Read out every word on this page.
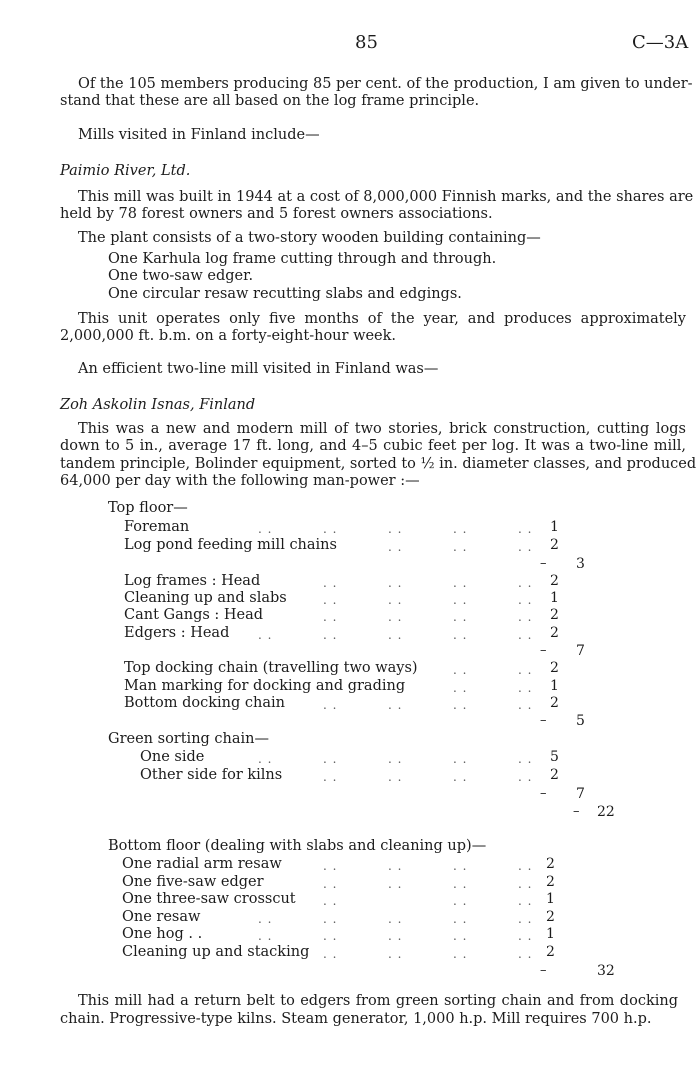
85	C—3A
Of the 105 members producing 85 per cent. of the production, I am given to under-
stand that these are all based on the log frame principle.
Mills visited in Finland include—
Paimio River, Ltd.
This mill was built in 1944 at a cost of 8,000,000 Finnish marks, and the shares are
held by 78 forest owners and 5 forest owners associations.
The plant consists of a two-story wooden building containing—
One Karhula log frame cutting through and through.
One two-saw edger.
One circular resaw recutting slabs and edgings.
This unit operates only five months of the year, and produces approximately
2,000,000 ft. b.m. on a forty-eight-hour week.
An efficient two-line mill visited in Finland was—
Zoh Askolin Isnas, Finland
This was a new and modern mill of two stories, brick construction, cutting logs
down to 5 in., average 17 ft. long, and 4–5 cubic feet per log. It was a two-line mill,
tandem principle, Bolinder equipment, sorted to ½ in. diameter classes, and produced
64,000 per day with the following man-power :—
Top floor—
Foreman	. .	. .	. .	. .	. . 1
Log pond feeding mill chains	. .	. .	. . 2
– 3
Log frames : Head	. .	. .	. .	. . 2
Cleaning up and slabs	. .	. .	. .	. . 1
Cant Gangs : Head	. .	. .	. .	. . 2
Edgers : Head . .	. .	. .	. .	. . 2
– 7
Top docking chain (travelling two ways)	. .	. . 2
Man marking for docking and grading	. .	. . 1
Bottom docking chain	. .	. .	. .	. . 2
– 5
Green sorting chain—
One side	. .	. .	. .	. .	. . 5
Other side for kilns	. .	. .	. .	. . 2
– 7
– 22
Bottom floor (dealing with slabs and cleaning up)—
One radial arm resaw	. .	. .	. .	. . 2
One five-saw edger	. .	. .	. .	. . 2
One three-saw crosscut . .	. .	. . 1
One resaw	. .	. .	. .	. .	. . 2
One hog . .	. .	. .	. .	. .	. . 1
Cleaning up and stacking . .	. .	. .	. . 2
–	32
This mill had a return belt to edgers from green sorting chain and from docking
chain. Progressive-type kilns. Steam generator, 1,000 h.p. Mill requires 700 h.p.
